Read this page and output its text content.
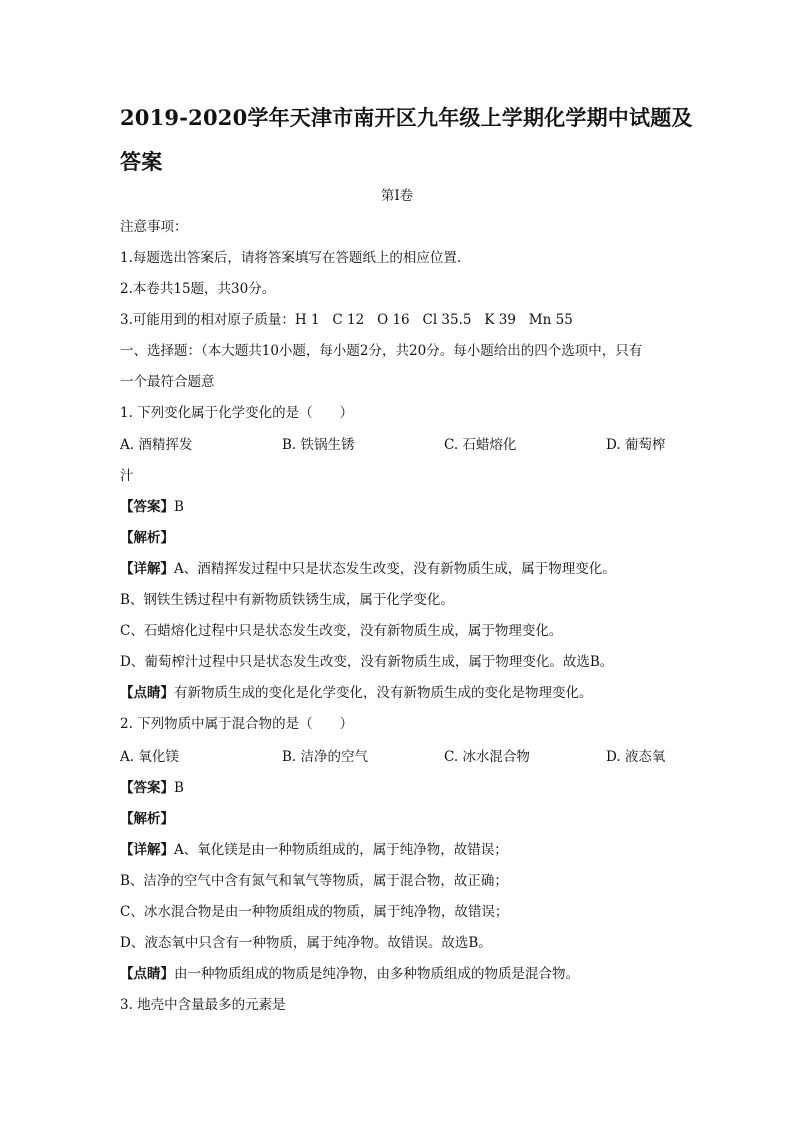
2019-2020学年天津市南开区九年级上学期化学期中试题及答案
第I卷
注意事项：
1.每题选出答案后，请将答案填写在答题纸上的相应位置.
2.本卷共15题，共30分。
3.可能用到的相对原子质量：H 1   C 12   O 16   Cl 35.5   K 39   Mn 55
一、选择题：（本大题共10小题，每小题2分，共20分。每小题给出的四个选项中，只有
一个最符合题意
1. 下列变化属于化学变化的是（　　）
A. 酒精挥发	B. 铁锅生锈	C. 石蜡熔化	D. 葡萄榨
汁
【答案】B
【解析】
【详解】A、酒精挥发过程中只是状态发生改变，没有新物质生成，属于物理变化。
B、钢铁生锈过程中有新物质铁锈生成，属于化学变化。
C、石蜡熔化过程中只是状态发生改变，没有新物质生成，属于物理变化。
D、葡萄榨汁过程中只是状态发生改变，没有新物质生成，属于物理变化。故选B。
【点睛】有新物质生成的变化是化学变化，没有新物质生成的变化是物理变化。
2. 下列物质中属于混合物的是（　　）
A. 氧化镁	B. 洁净的空气	C. 冰水混合物	D. 液态氧
【答案】B
【解析】
【详解】A、氧化镁是由一种物质组成的，属于纯净物，故错误；
B、洁净的空气中含有氮气和氧气等物质，属于混合物，故正确；
C、冰水混合物是由一种物质组成的物质，属于纯净物，故错误；
D、液态氧中只含有一种物质，属于纯净物。故错误。故选B。
【点睛】由一种物质组成的物质是纯净物，由多种物质组成的物质是混合物。
3. 地壳中含量最多的元素是
